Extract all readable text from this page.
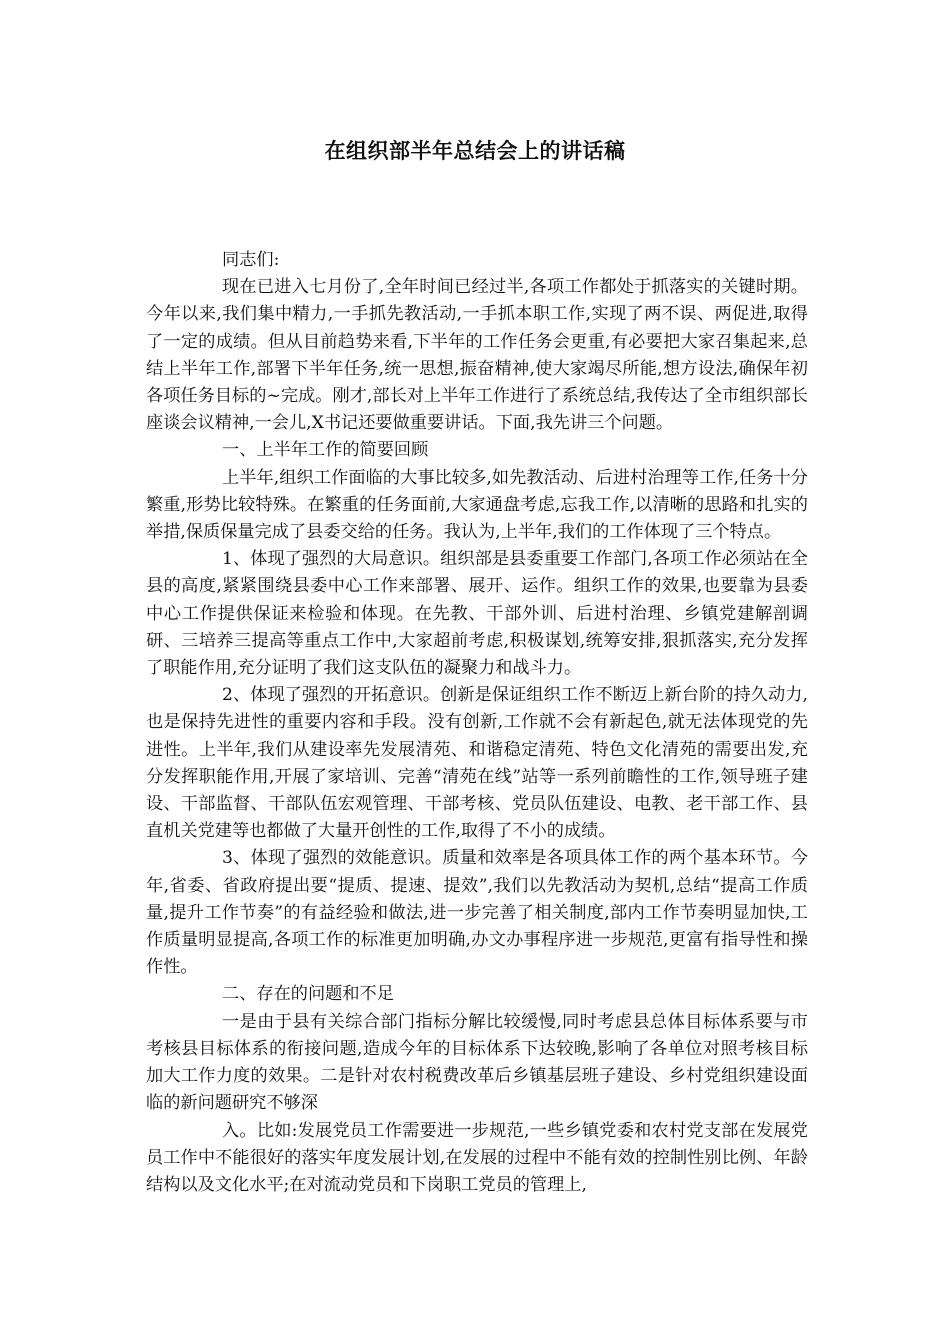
在组织部半年总结会上的讲话稿

同志们:

现在已进入七月份了,全年时间已经过半,各项工作都处于抓落实的关键时期。今年以来,我们集中精力,一手抓先教活动,一手抓本职工作,实现了两不误、两促进,取得了一定的成绩。但从目前趋势来看,下半年的工作任务会更重,有必要把大家召集起来,总结上半年工作,部署下半年任务,统一思想,振奋精神,使大家竭尽所能,想方设法,确保年初各项任务目标的~完成。刚才,部长对上半年工作进行了系统总结,我传达了全市组织部长座谈会议精神,一会儿,X书记还要做重要讲话。下面,我先讲三个问题。

一、上半年工作的简要回顾

上半年,组织工作面临的大事比较多,如先教活动、后进村治理等工作,任务十分繁重,形势比较特殊。在繁重的任务面前,大家通盘考虑,忘我工作,以清晰的思路和扎实的举措,保质保量完成了县委交给的任务。我认为,上半年,我们的工作体现了三个特点。

1、体现了强烈的大局意识。组织部是县委重要工作部门,各项工作必须站在全县的高度,紧紧围绕县委中心工作来部署、展开、运作。组织工作的效果,也要靠为县委中心工作提供保证来检验和体现。在先教、干部外训、后进村治理、乡镇党建解剖调研、三培养三提高等重点工作中,大家超前考虑,积极谋划,统筹安排,狠抓落实,充分发挥了职能作用,充分证明了我们这支队伍的凝聚力和战斗力。

2、体现了强烈的开拓意识。创新是保证组织工作不断迈上新台阶的持久动力,也是保持先进性的重要内容和手段。没有创新,工作就不会有新起色,就无法体现党的先进性。上半年,我们从建设率先发展清苑、和谐稳定清苑、特色文化清苑的需要出发,充分发挥职能作用,开展了家培训、完善“清苑在线”站等一系列前瞻性的工作,领导班子建设、干部监督、干部队伍宏观管理、干部考核、党员队伍建设、电教、老干部工作、县直机关党建等也都做了大量开创性的工作,取得了不小的成绩。

3、体现了强烈的效能意识。质量和效率是各项具体工作的两个基本环节。今年,省委、省政府提出要“提质、提速、提效”,我们以先教活动为契机,总结“提高工作质量,提升工作节奏”的有益经验和做法,进一步完善了相关制度,部内工作节奏明显加快,工作质量明显提高,各项工作的标准更加明确,办文办事程序进一步规范,更富有指导性和操作性。

二、存在的问题和不足

一是由于县有关综合部门指标分解比较缓慢,同时考虑县总体目标体系要与市考核县目标体系的衔接问题,造成今年的目标体系下达较晚,影响了各单位对照考核目标加大工作力度的效果。二是针对农村税费改革后乡镇基层班子建设、乡村党组织建设面临的新问题研究不够深

入。比如:发展党员工作需要进一步规范,一些乡镇党委和农村党支部在发展党员工作中不能很好的落实年度发展计划,在发展的过程中不能有效的控制性别比例、年龄结构以及文化水平;在对流动党员和下岗职工党员的管理上,
